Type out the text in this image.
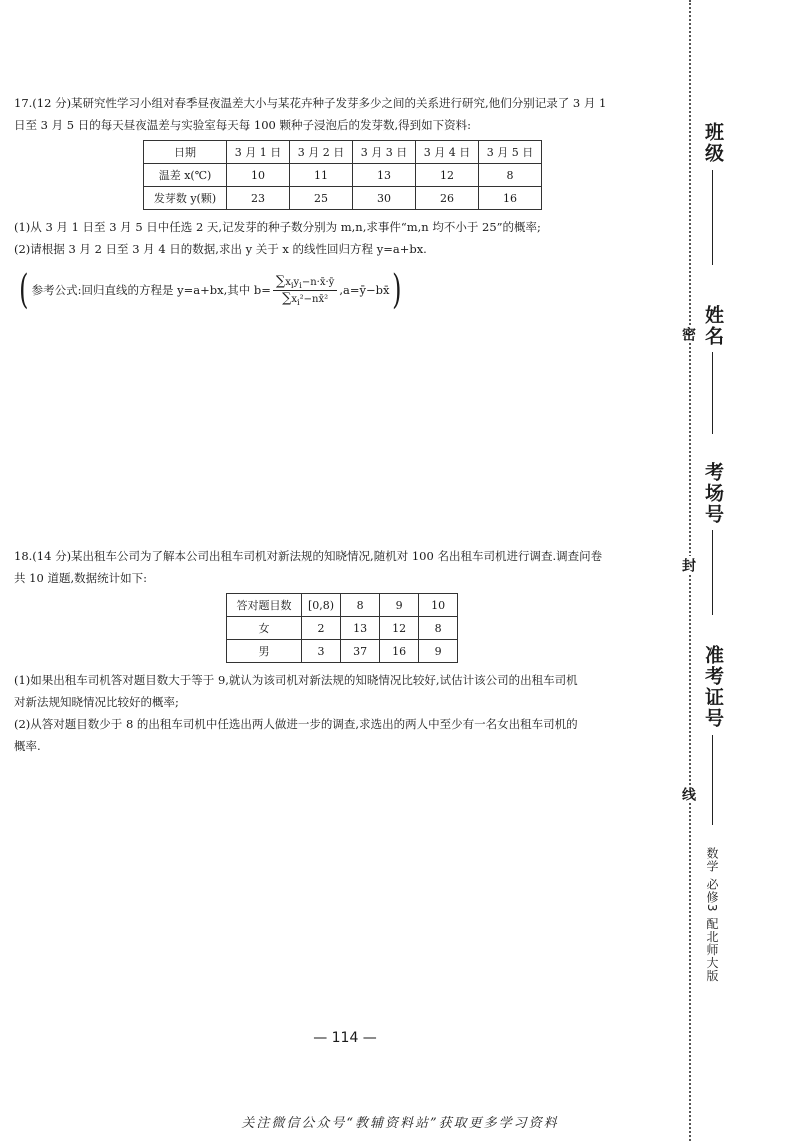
17.(12 分)某研究性学习小组对春季昼夜温差大小与某花卉种子发芽多少之间的关系进行研究,他们分别记录了 3 月 1

日至 3 月 5 日的每天昼夜温差与实验室每天每 100 颗种子浸泡后的发芽数,得到如下资料:

日期	3 月 1 日	3 月 2 日	3 月 3 日	3 月 4 日	3 月 5 日
温差 x(℃)	10	11	13	12	8
发芽数 y(颗)	23	25	30	26	16

(1)从 3 月 1 日至 3 月 5 日中任选 2 天,记发芽的种子数分别为 m,n,求事件“m,n 均不小于 25”的概率;

(2)请根据 3 月 2 日至 3 月 4 日的数据,求出 y 关于 x 的线性回归方程 y=a+bx.

( 参考公式:回归直线的方程是 y=a+bx,其中 $b= \frac{\sum x_iy_i-n\cdot x̄\cdot ȳ}{\sum x_i^2-nx̄^2}$ ,a=ȳ−bx̄ )

18.(14 分)某出租车公司为了解本公司出租车司机对新法规的知晓情况,随机对 100 名出租车司机进行调查.调查问卷

共 10 道题,数据统计如下:

答对题目数	[0,8)	8	9	10
女	2	13	12	8
男	3	37	16	9

(1)如果出租车司机答对题目数大于等于 9,就认为该司机对新法规的知晓情况比较好,试估计该公司的出租车司机

对新法规知晓情况比较好的概率;

(2)从答对题目数少于 8 的出租车司机中任选出两人做进一步的调查,求选出的两人中至少有一名女出租车司机的

概率.

— 114 —
关注微信公众号“教辅资料站”获取更多学习资料
班级
姓名
考场号
准考证号
密
封
线
数学 必修3 配北师大版
